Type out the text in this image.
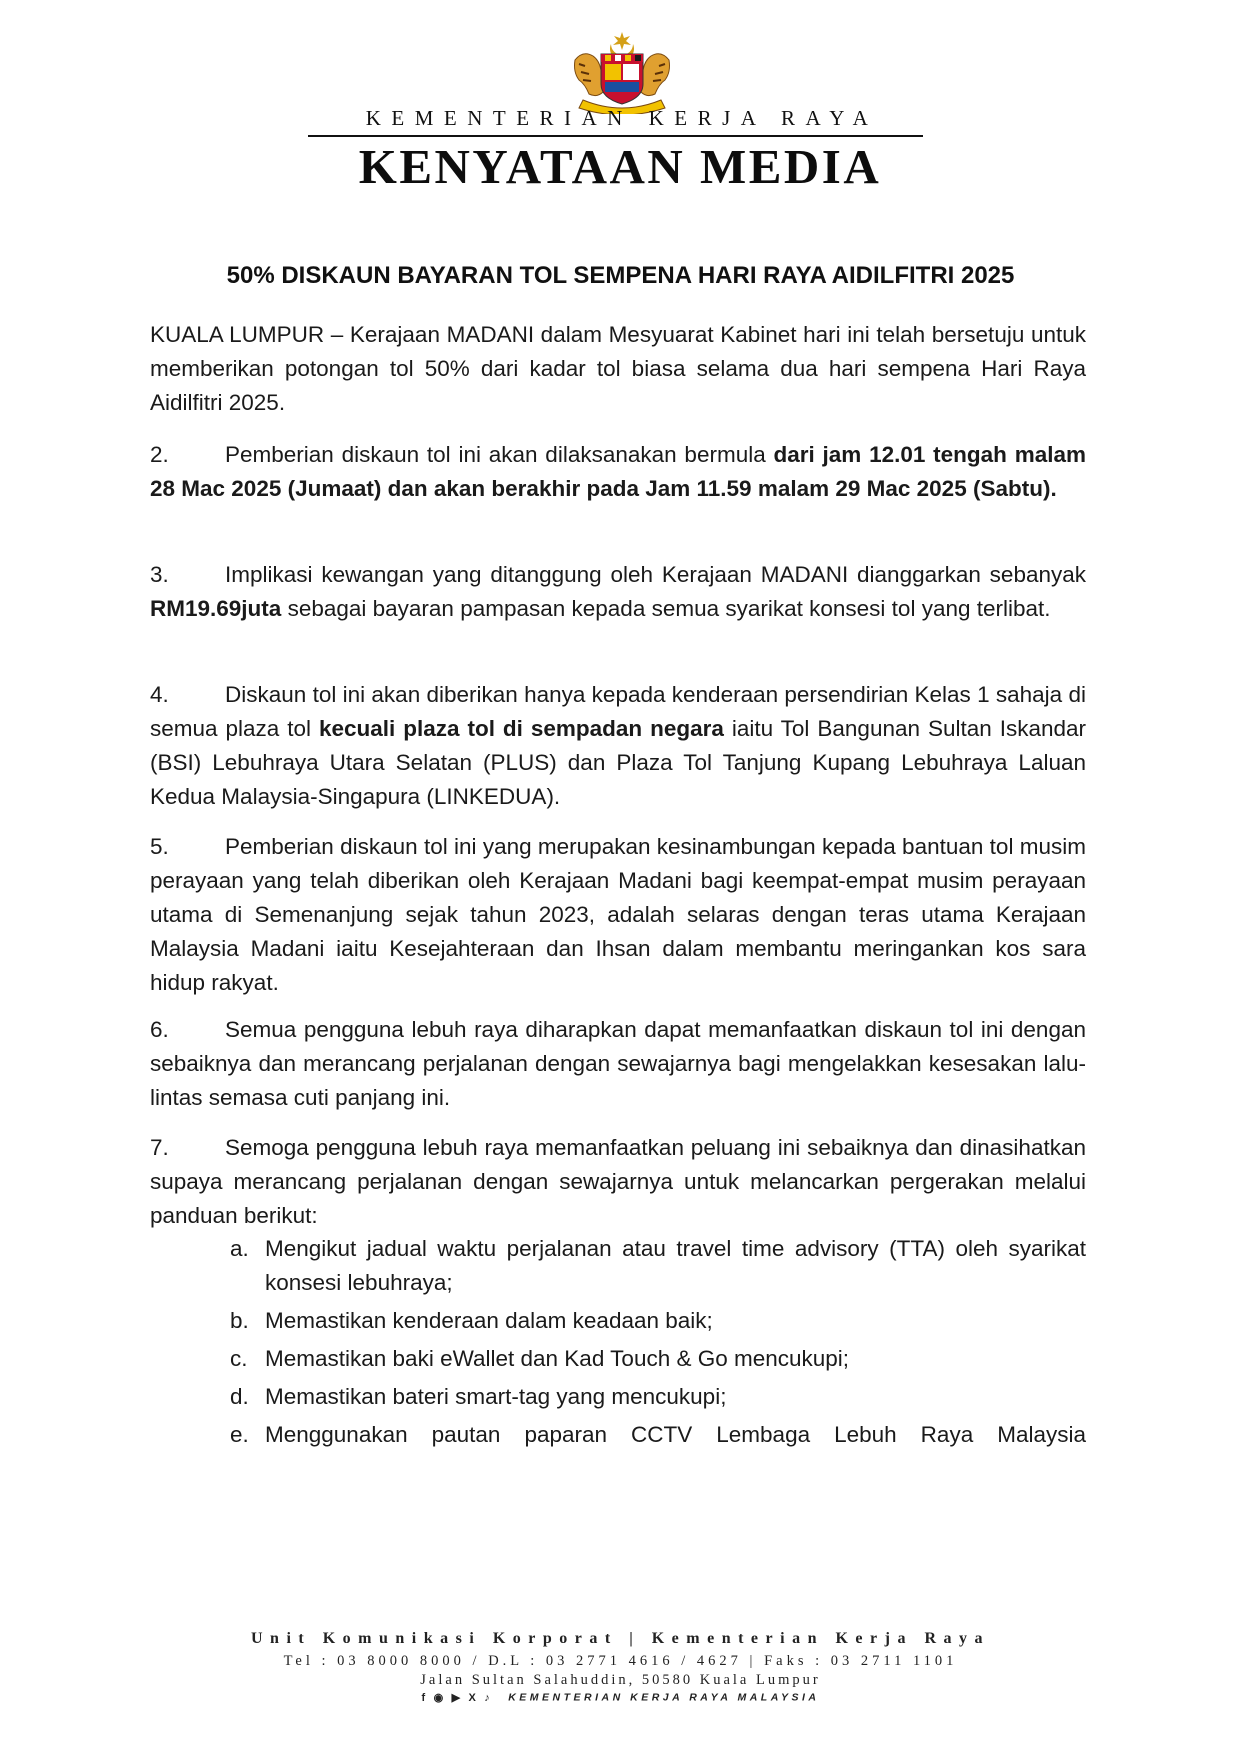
KEMENTERIAN KERJA RAYA
KENYATAAN MEDIA
50% DISKAUN BAYARAN TOL SEMPENA HARI RAYA AIDILFITRI 2025

KUALA LUMPUR – Kerajaan MADANI dalam Mesyuarat Kabinet hari ini telah bersetuju untuk memberikan potongan tol 50% dari kadar tol biasa selama dua hari sempena Hari Raya Aidilfitri 2025.

2. Pemberian diskaun tol ini akan dilaksanakan bermula dari jam 12.01 tengah malam 28 Mac 2025 (Jumaat) dan akan berakhir pada Jam 11.59 malam 29 Mac 2025 (Sabtu).

3. Implikasi kewangan yang ditanggung oleh Kerajaan MADANI dianggarkan sebanyak RM19.69juta sebagai bayaran pampasan kepada semua syarikat konsesi tol yang terlibat.

4. Diskaun tol ini akan diberikan hanya kepada kenderaan persendirian Kelas 1 sahaja di semua plaza tol kecuali plaza tol di sempadan negara iaitu Tol Bangunan Sultan Iskandar (BSI) Lebuhraya Utara Selatan (PLUS) dan Plaza Tol Tanjung Kupang Lebuhraya Laluan Kedua Malaysia-Singapura (LINKEDUA).

5. Pemberian diskaun tol ini yang merupakan kesinambungan kepada bantuan tol musim perayaan yang telah diberikan oleh Kerajaan Madani bagi keempat-empat musim perayaan utama di Semenanjung sejak tahun 2023, adalah selaras dengan teras utama Kerajaan Malaysia Madani iaitu Kesejahteraan dan Ihsan dalam membantu meringankan kos sara hidup rakyat.

6. Semua pengguna lebuh raya diharapkan dapat memanfaatkan diskaun tol ini dengan sebaiknya dan merancang perjalanan dengan sewajarnya bagi mengelakkan kesesakan lalu-lintas semasa cuti panjang ini.

7. Semoga pengguna lebuh raya memanfaatkan peluang ini sebaiknya dan dinasihatkan supaya merancang perjalanan dengan sewajarnya untuk melancarkan pergerakan melalui panduan berikut:

a. Mengikut jadual waktu perjalanan atau travel time advisory (TTA) oleh syarikat konsesi lebuhraya;
b. Memastikan kenderaan dalam keadaan baik;
c. Memastikan baki eWallet dan Kad Touch & Go mencukupi;
d. Memastikan bateri smart-tag yang mencukupi;
e. Menggunakan pautan paparan CCTV Lembaga Lebuh Raya Malaysia
Unit Komunikasi Korporat | Kementerian Kerja Raya
Tel : 03 8000 8000 / D.L : 03 2771 4616 / 4627 | Faks : 03 2711 1101
Jalan Sultan Salahuddin, 50580 Kuala Lumpur
f ◉ ▶ X ♪ KEMENTERIAN KERJA RAYA MALAYSIA
